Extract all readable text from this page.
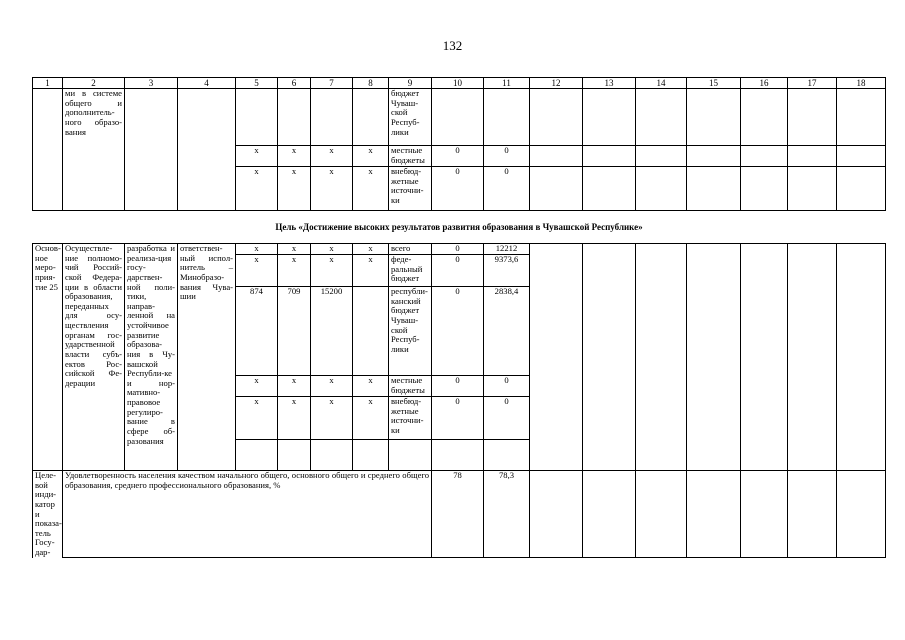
132
1	2	3	4	5	6	7	8	9	10	11	12	13	14	15	16	17	18
	ми в системе общего и дополнитель-ного образо-вания							бюджет Чуваш-ской Респуб-лики									
				x	x	x	x	местные бюджеты	0	0							
				x	x	x	x	внебюд-жетные источни-ки	0	0							
Цель «Достижение высоких результатов развития образования в Чувашской Республике»																	
Основ-ное меро-прия-тие 25	Осуществле-ние полномо-чий Россий-ской Федера-ции в области образования, переданных для осу-ществления органам гос-ударственной власти субъ-ектов Рос-сийской Фе-дерации	разработка и реализа-ция госу-дарствен-ной поли-тики, направ-ленной на устойчивое развитие образова-ния в Чу-вашской Республи-ке и нор-мативно-правовое регулиро-вание в сфере об-разования	ответствен-ный испол-нитель – Минобразо-вания Чува-шии	x	x	x	x	всего	0	12212							
				x	x	x	x	феде-ральный бюджет	0	9373,6							
				874	709	15200		республи-канский бюджет Чуваш-ской Респуб-лики	0	2838,4							
				x	x	x	x	местные бюджеты	0	0							
				x	x	x	x	внебюд-жетные источни-ки	0	0							

Целе-вой инди-катор и показа-тель Госу-дар-	Удовлетворенность населения качеством начального общего, основного общего и среднего общего образования, среднего профессионального образования, %								78	78,3							
